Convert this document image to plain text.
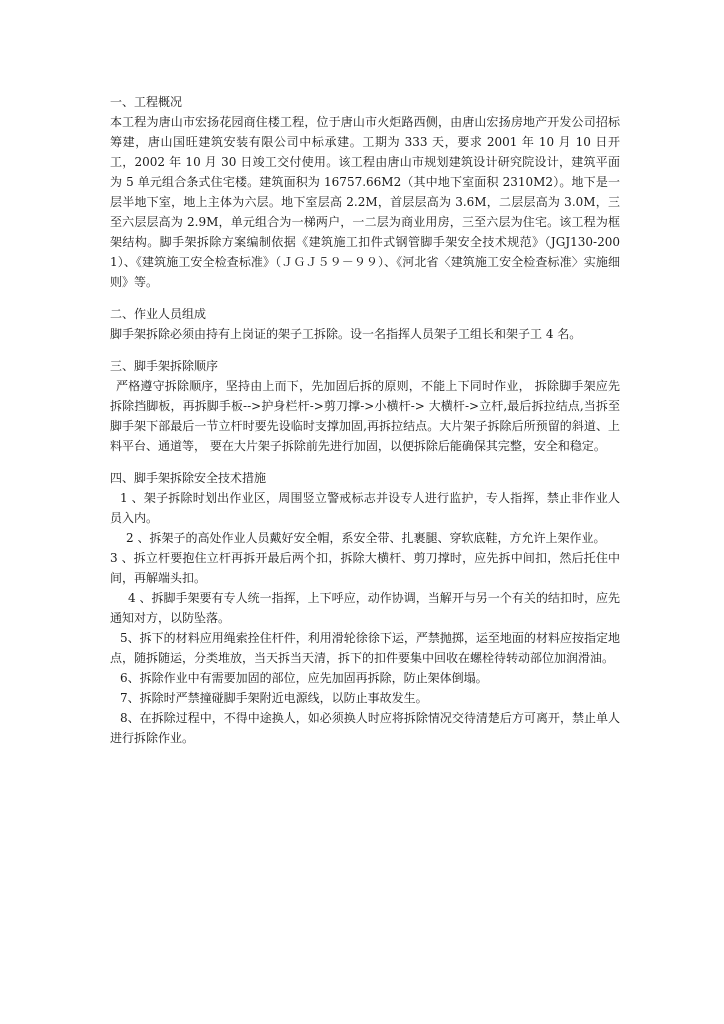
一、工程概况

本工程为唐山市宏扬花园商住楼工程，位于唐山市火炬路西侧，由唐山宏扬房地产开发公司招标筹建，唐山国旺建筑安装有限公司中标承建。工期为 333 天，要求 2001 年 10 月 10 日开工，2002 年 10 月 30 日竣工交付使用。该工程由唐山市规划建筑设计研究院设计，建筑平面为 5 单元组合条式住宅楼。建筑面积为 16757.66M2（其中地下室面积 2310M2）。地下是一层半地下室，地上主体为六层。地下室层高 2.2M，首层层高为 3.6M，二层层高为 3.0M，三至六层层高为 2.9M，单元组合为一梯两户，一二层为商业用房，三至六层为住宅。该工程为框架结构。脚手架拆除方案编制依据《建筑施工扣件式钢管脚手架安全技术规范》（JGJ130-2001）、《建筑施工安全检查标准》（ＪＧＪ５９－９９）、《河北省〈建筑施工安全检查标准〉实施细则》等。

二、作业人员组成

脚手架拆除必须由持有上岗证的架子工拆除。设一名指挥人员架子工组长和架子工 4 名。

三、脚手架拆除顺序

严格遵守拆除顺序，坚持由上而下，先加固后拆的原则，不能上下同时作业， 拆除脚手架应先拆除挡脚板，再拆脚手板-->护身栏杆->剪刀撑->小横杆-> 大横杆->立杆,最后拆拉结点,当拆至脚手架下部最后一节立杆时要先设临时支撑加固,再拆拉结点。大片架子拆除后所预留的斜道、上料平台、通道等， 要在大片架子拆除前先进行加固，以便拆除后能确保其完整，安全和稳定。

四、脚手架拆除安全技术措施

1 、架子拆除时划出作业区，周围竖立警戒标志并设专人进行监护，专人指挥，禁止非作业人员入内。

2 、拆架子的高处作业人员戴好安全帽，系安全带、扎裹腿、穿软底鞋，方允许上架作业。

3 、拆立杆要抱住立杆再拆开最后两个扣，拆除大横杆、剪刀撑时，应先拆中间扣，然后托住中间，再解端头扣。

4 、拆脚手架要有专人统一指挥，上下呼应，动作协调，当解开与另一个有关的结扣时，应先通知对方，以防坠落。

5、拆下的材料应用绳索拴住杆件，利用滑轮徐徐下运，严禁抛掷，运至地面的材料应按指定地点，随拆随运，分类堆放，当天拆当天清，拆下的扣件要集中回收在螺栓待转动部位加润滑油。

6、拆除作业中有需要加固的部位，应先加固再拆除，防止架体倒塌。

7、拆除时严禁撞碰脚手架附近电源线，以防止事故发生。

8、在拆除过程中，不得中途换人，如必须换人时应将拆除情况交待清楚后方可离开，禁止单人进行拆除作业。
